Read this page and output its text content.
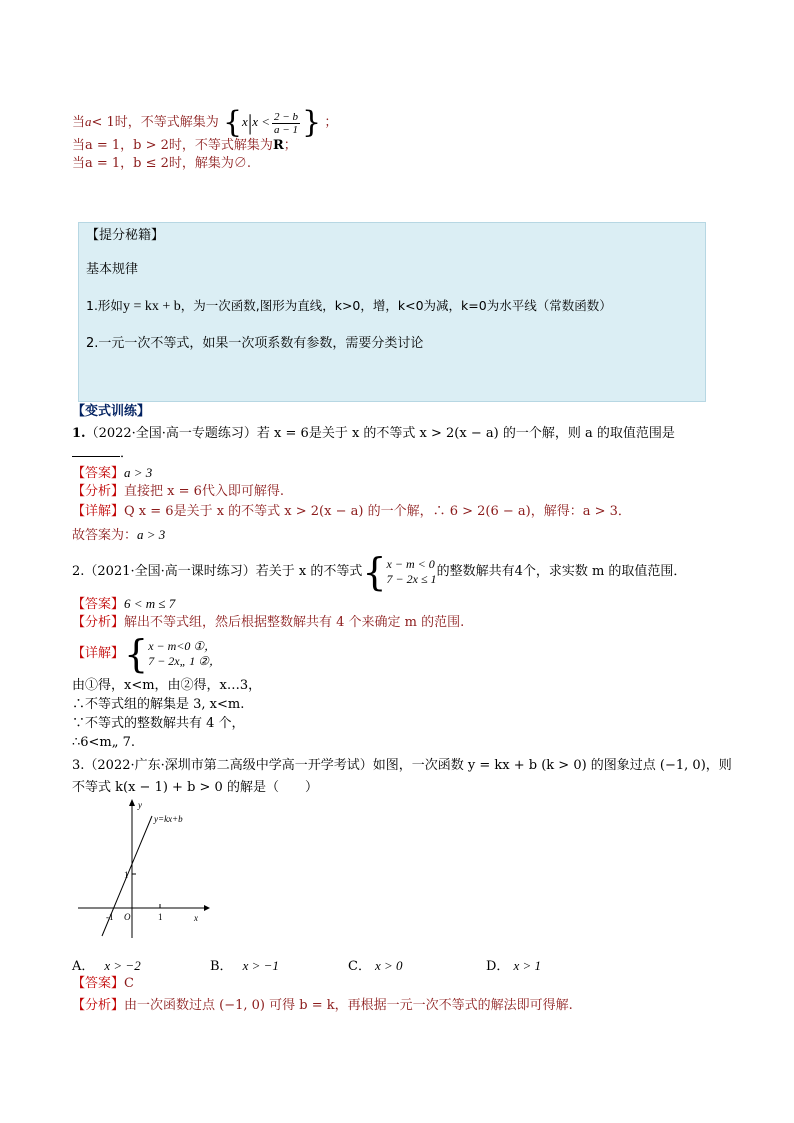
当a< 1时，不等式解集为 {$x|x < \frac{2 - b}{a - 1}$ } ；
当a = 1，b > 2时，不等式解集为R；
当a = 1，b ≤ 2时，解集为∅.
【提分秘籍】
基本规律
1.形如y = kx + b，为一次函数,图形为直线，k>0，增，k<0为减，k=0为水平线（常数函数）
2.一元一次不等式，如果一次项系数有参数，需要分类讨论
【变式训练】
1.（2022·全国·高一专题练习）若 x = 6是关于 x 的不等式 x > 2(x − a) 的一个解，则 a 的取值范围是
．
【答案】a > 3
【分析】直接把 x = 6代入即可解得.
【详解】Q x = 6是关于 x 的不等式 x > 2(x − a) 的一个解，∴ 6 > 2(6 − a)，解得：a > 3．
故答案为：a > 3
2.（2021·全国·高一课时练习）若关于 x 的不等式{ x − m < 0
7 − 2x ≤ 1 的整数解共有4个，求实数 m 的取值范围．
【答案】6 < m ≤ 7
【分析】解出不等式组，然后根据整数解共有 4 个来确定 m 的范围.
【详解】{ x − m<0 ①，
7 − 2x„ 1 ②，
由①得，x<m，由②得，x…3，
∴不等式组的解集是 3, x<m.
∵不等式的整数解共有 4 个，
∴6<m„ 7.
3.（2022·广东·深圳市第二高级中学高一开学考试）如图，一次函数 y = kx + b (k > 0) 的图象过点 (−1, 0)，则
不等式 k(x − 1) + b > 0 的解是（　　）
y=kx+b
y
x
O
-1	1
1
A． x > −2	B． x > −1	C． x > 0	D． x > 1
【答案】C
【分析】由一次函数过点 (−1, 0) 可得 b = k，再根据一元一次不等式的解法即可得解.
